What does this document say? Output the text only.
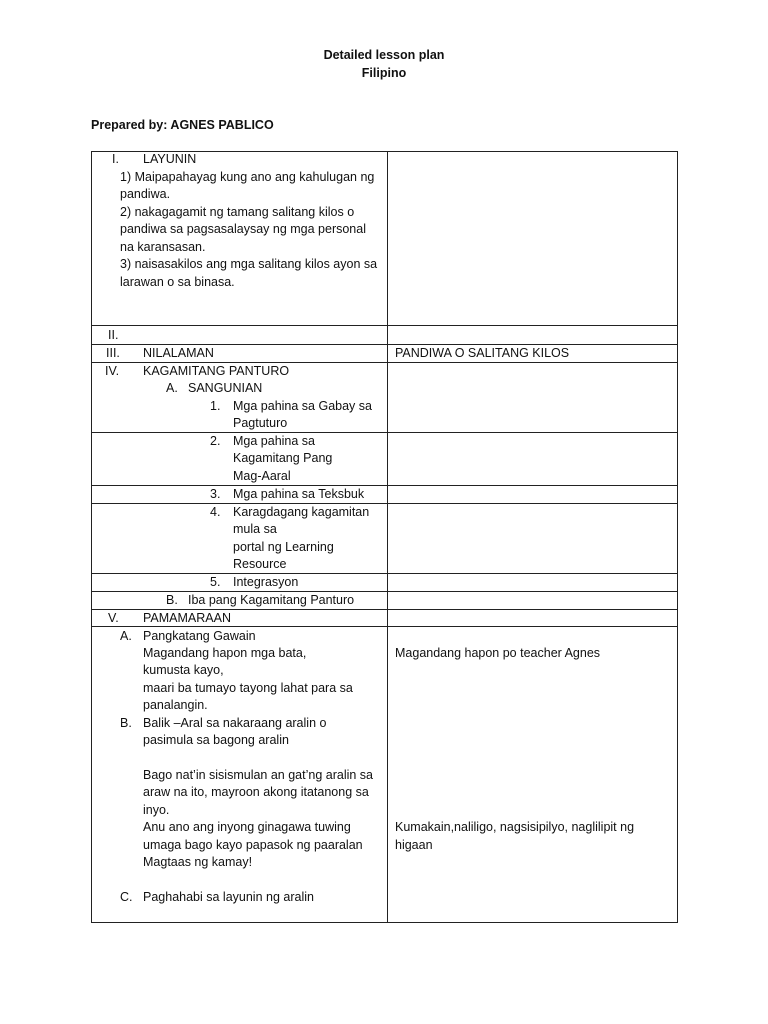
Detailed lesson plan
Filipino
Prepared by: AGNES PABLICO
I. LAYUNIN
1) Maipapahayag kung ano ang kahulugan ng
pandiwa.
2) nakagagamit ng tamang salitang kilos o
pandiwa sa pagsasalaysay ng mga personal
na karansasan.
3) naisasakilos ang mga salitang kilos ayon sa
larawan o sa binasa.
II.
III. NILALAMAN	PANDIWA O SALITANG KILOS
IV. KAGAMITANG PANTURO
A. SANGUNIAN
1. Mga pahina sa Gabay sa
Pagtuturo
2. Mga pahina sa
Kagamitang Pang
Mag-Aaral
3. Mga pahina sa Teksbuk
4. Karagdagang kagamitan
mula sa
portal ng Learning
Resource
5. Integrasyon
B. Iba pang Kagamitang Panturo
V. PAMAMARAAN
A. Pangkatang Gawain
Magandang hapon mga bata,
kumusta kayo,
maari ba tumayo tayong lahat para sa
panalangin.
Magandang hapon po teacher Agnes
B. Balik –Aral sa nakaraang aralin o
pasimula sa bagong aralin
Bago nat’in sisismulan an gat’ng aralin sa
araw na ito, mayroon akong itatanong sa
inyo.
Anu ano ang inyong ginagawa tuwing
umaga bago kayo papasok ng paaralan
Magtaas ng kamay!
Kumakain,naliligo, nagsisipilyo, naglilipit ng
higaan
C. Paghahabi sa layunin ng aralin
